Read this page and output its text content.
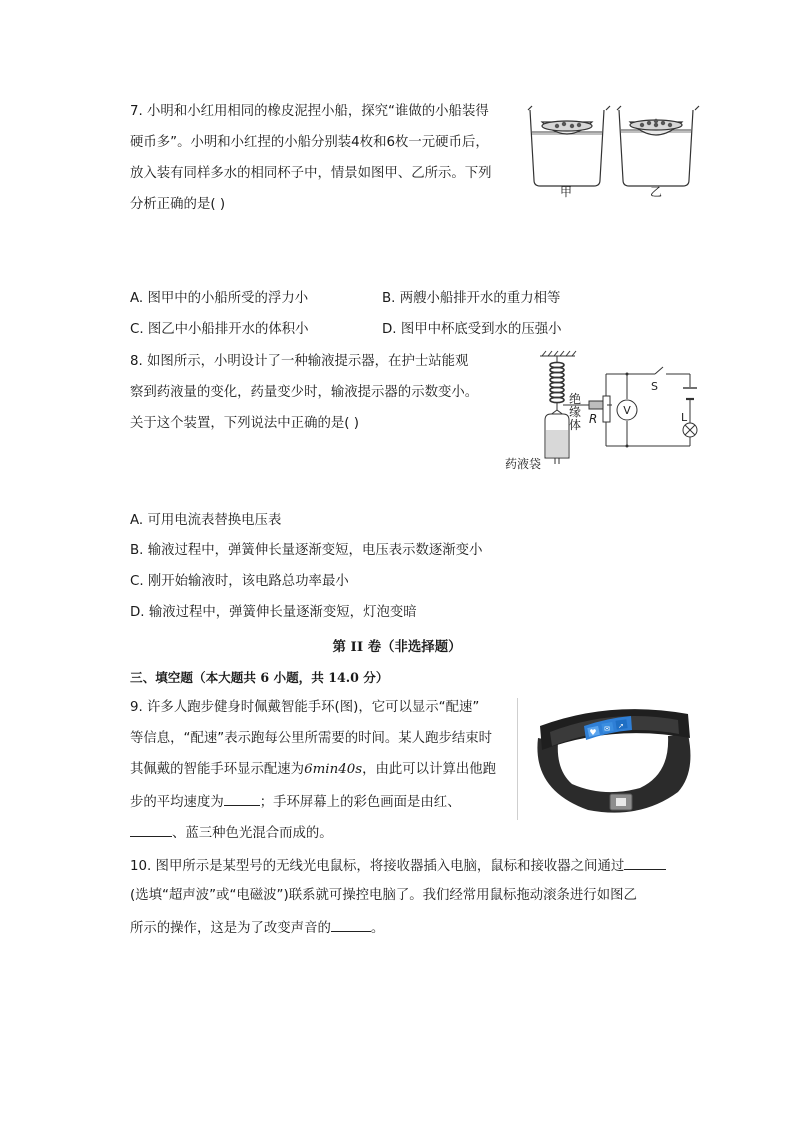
7. 小明和小红用相同的橡皮泥捏小船，探究“谁做的小船装得
硬币多”。小明和小红捏的小船分别装4枚和6枚一元硬币后，
放入装有同样多水的相同杯子中，情景如图甲、乙所示。下列
分析正确的是( )
甲	乙
A. 图甲中的小船所受的浮力小	B. 两艘小船排开水的重力相等
C. 图乙中小船排开水的体积小	D. 图甲中杯底受到水的压强小
8. 如图所示，小明设计了一种输液提示器，在护士站能观
察到药液量的变化，药量变少时，输液提示器的示数变小。
关于这个装置，下列说法中正确的是( )
V
R
S
L
药液袋
绝缘体
A. 可用电流表替换电压表
B. 输液过程中，弹簧伸长量逐渐变短，电压表示数逐渐变小
C. 刚开始输液时，该电路总功率最小
D. 输液过程中，弹簧伸长量逐渐变短，灯泡变暗
第 II 卷（非选择题）
三、填空题（本大题共 6 小题，共 14.0 分）
9. 许多人跑步健身时佩戴智能手环(图)，它可以显示“配速”
等信息，“配速”表示跑每公里所需要的时间。某人跑步结束时
其佩戴的智能手环显示配速为6min40s，由此可以计算出他跑
步的平均速度为	；手环屏幕上的彩色画面是由红、
、蓝三种色光混合而成的。
♥ ✉ ➚
10. 图甲所示是某型号的无线光电鼠标，将接收器插入电脑，鼠标和接收器之间通过
(选填“超声波”或“电磁波”)联系就可操控电脑了。我们经常用鼠标拖动滚条进行如图乙
所示的操作，这是为了改变声音的	。
